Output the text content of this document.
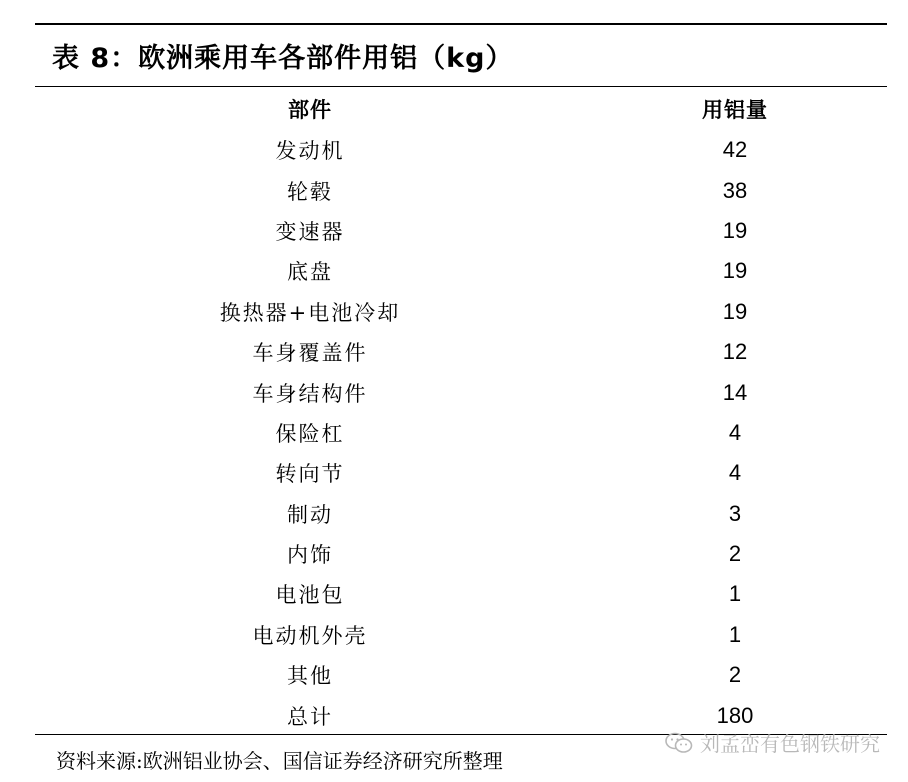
表 8：欧洲乘用车各部件用铝（kg）
部件	用铝量
发动机	42
轮毂	38
变速器	19
底盘	19
换热器+电池冷却	19
车身覆盖件	12
车身结构件	14
保险杠	4
转向节	4
制动	3
内饰	2
电池包	1
电动机外壳	1
其他	2
总计	180
资料来源:欧洲铝业协会、国信证券经济研究所整理
刘孟峦有色钢铁研究
